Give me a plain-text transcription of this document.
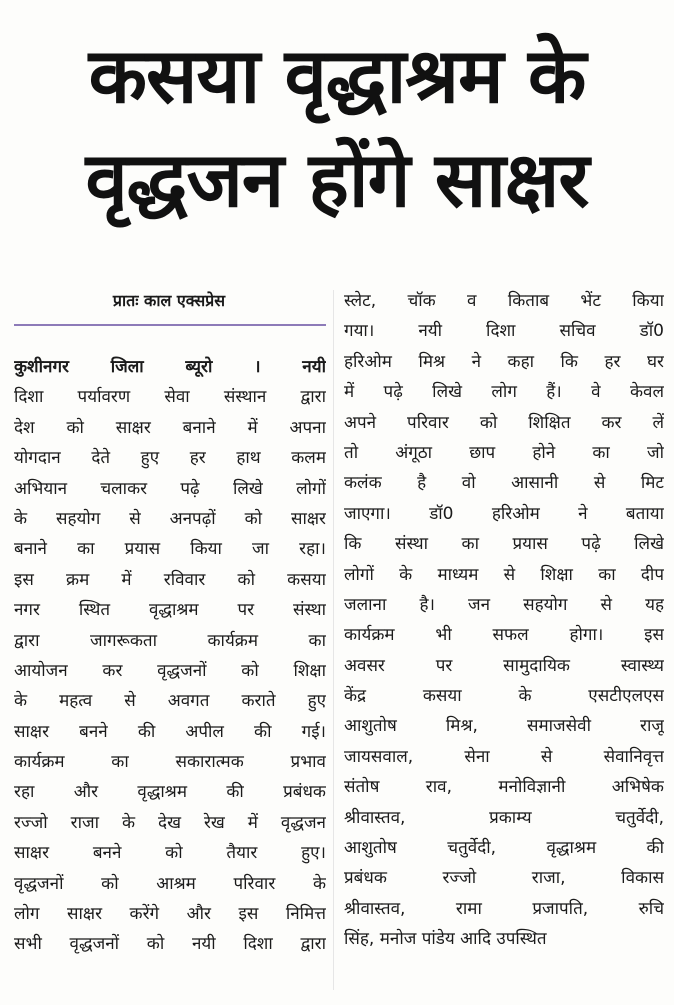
कसया वृद्धाश्रम के
वृद्धजन होंगे साक्षर
प्रातः काल एक्सप्रेस
कुशीनगर जिला ब्यूरो । नयी
दिशा पर्यावरण सेवा संस्थान द्वारा
देश को साक्षर बनाने में अपना
योगदान देते हुए हर हाथ कलम
अभियान चलाकर पढ़े लिखे लोगों
के सहयोग से अनपढ़ों को साक्षर
बनाने का प्रयास किया जा रहा।
इस क्रम में रविवार को कसया
नगर स्थित वृद्धाश्रम पर संस्था
द्वारा जागरूकता कार्यक्रम का
आयोजन कर वृद्धजनों को शिक्षा
के महत्व से अवगत कराते हुए
साक्षर बनने की अपील की गई।
कार्यक्रम का सकारात्मक प्रभाव
रहा और वृद्धाश्रम की प्रबंधक
रज्जो राजा के देख रेख में वृद्धजन
साक्षर बनने को तैयार हुए।
वृद्धजनों को आश्रम परिवार के
लोग साक्षर करेंगे और इस निमित्त
सभी वृद्धजनों को नयी दिशा द्वारा
स्लेट, चॉक व किताब भेंट किया
गया। नयी दिशा सचिव डॉ0
हरिओम मिश्र ने कहा कि हर घर
में पढ़े लिखे लोग हैं। वे केवल
अपने परिवार को शिक्षित कर लें
तो अंगूठा छाप होने का जो
कलंक है वो आसानी से मिट
जाएगा। डॉ0 हरिओम ने बताया
कि संस्था का प्रयास पढ़े लिखे
लोगों के माध्यम से शिक्षा का दीप
जलाना है। जन सहयोग से यह
कार्यक्रम भी सफल होगा। इस
अवसर पर सामुदायिक स्वास्थ्य
केंद्र कसया के एसटीएलएस
आशुतोष मिश्र, समाजसेवी राजू
जायसवाल, सेना से सेवानिवृत्त
संतोष राव, मनोविज्ञानी अभिषेक
श्रीवास्तव, प्रकाम्य चतुर्वेदी,
आशुतोष चतुर्वेदी, वृद्धाश्रम की
प्रबंधक रज्जो राजा, विकास
श्रीवास्तव, रामा प्रजापति, रुचि
सिंह, मनोज पांडेय आदि उपस्थित
